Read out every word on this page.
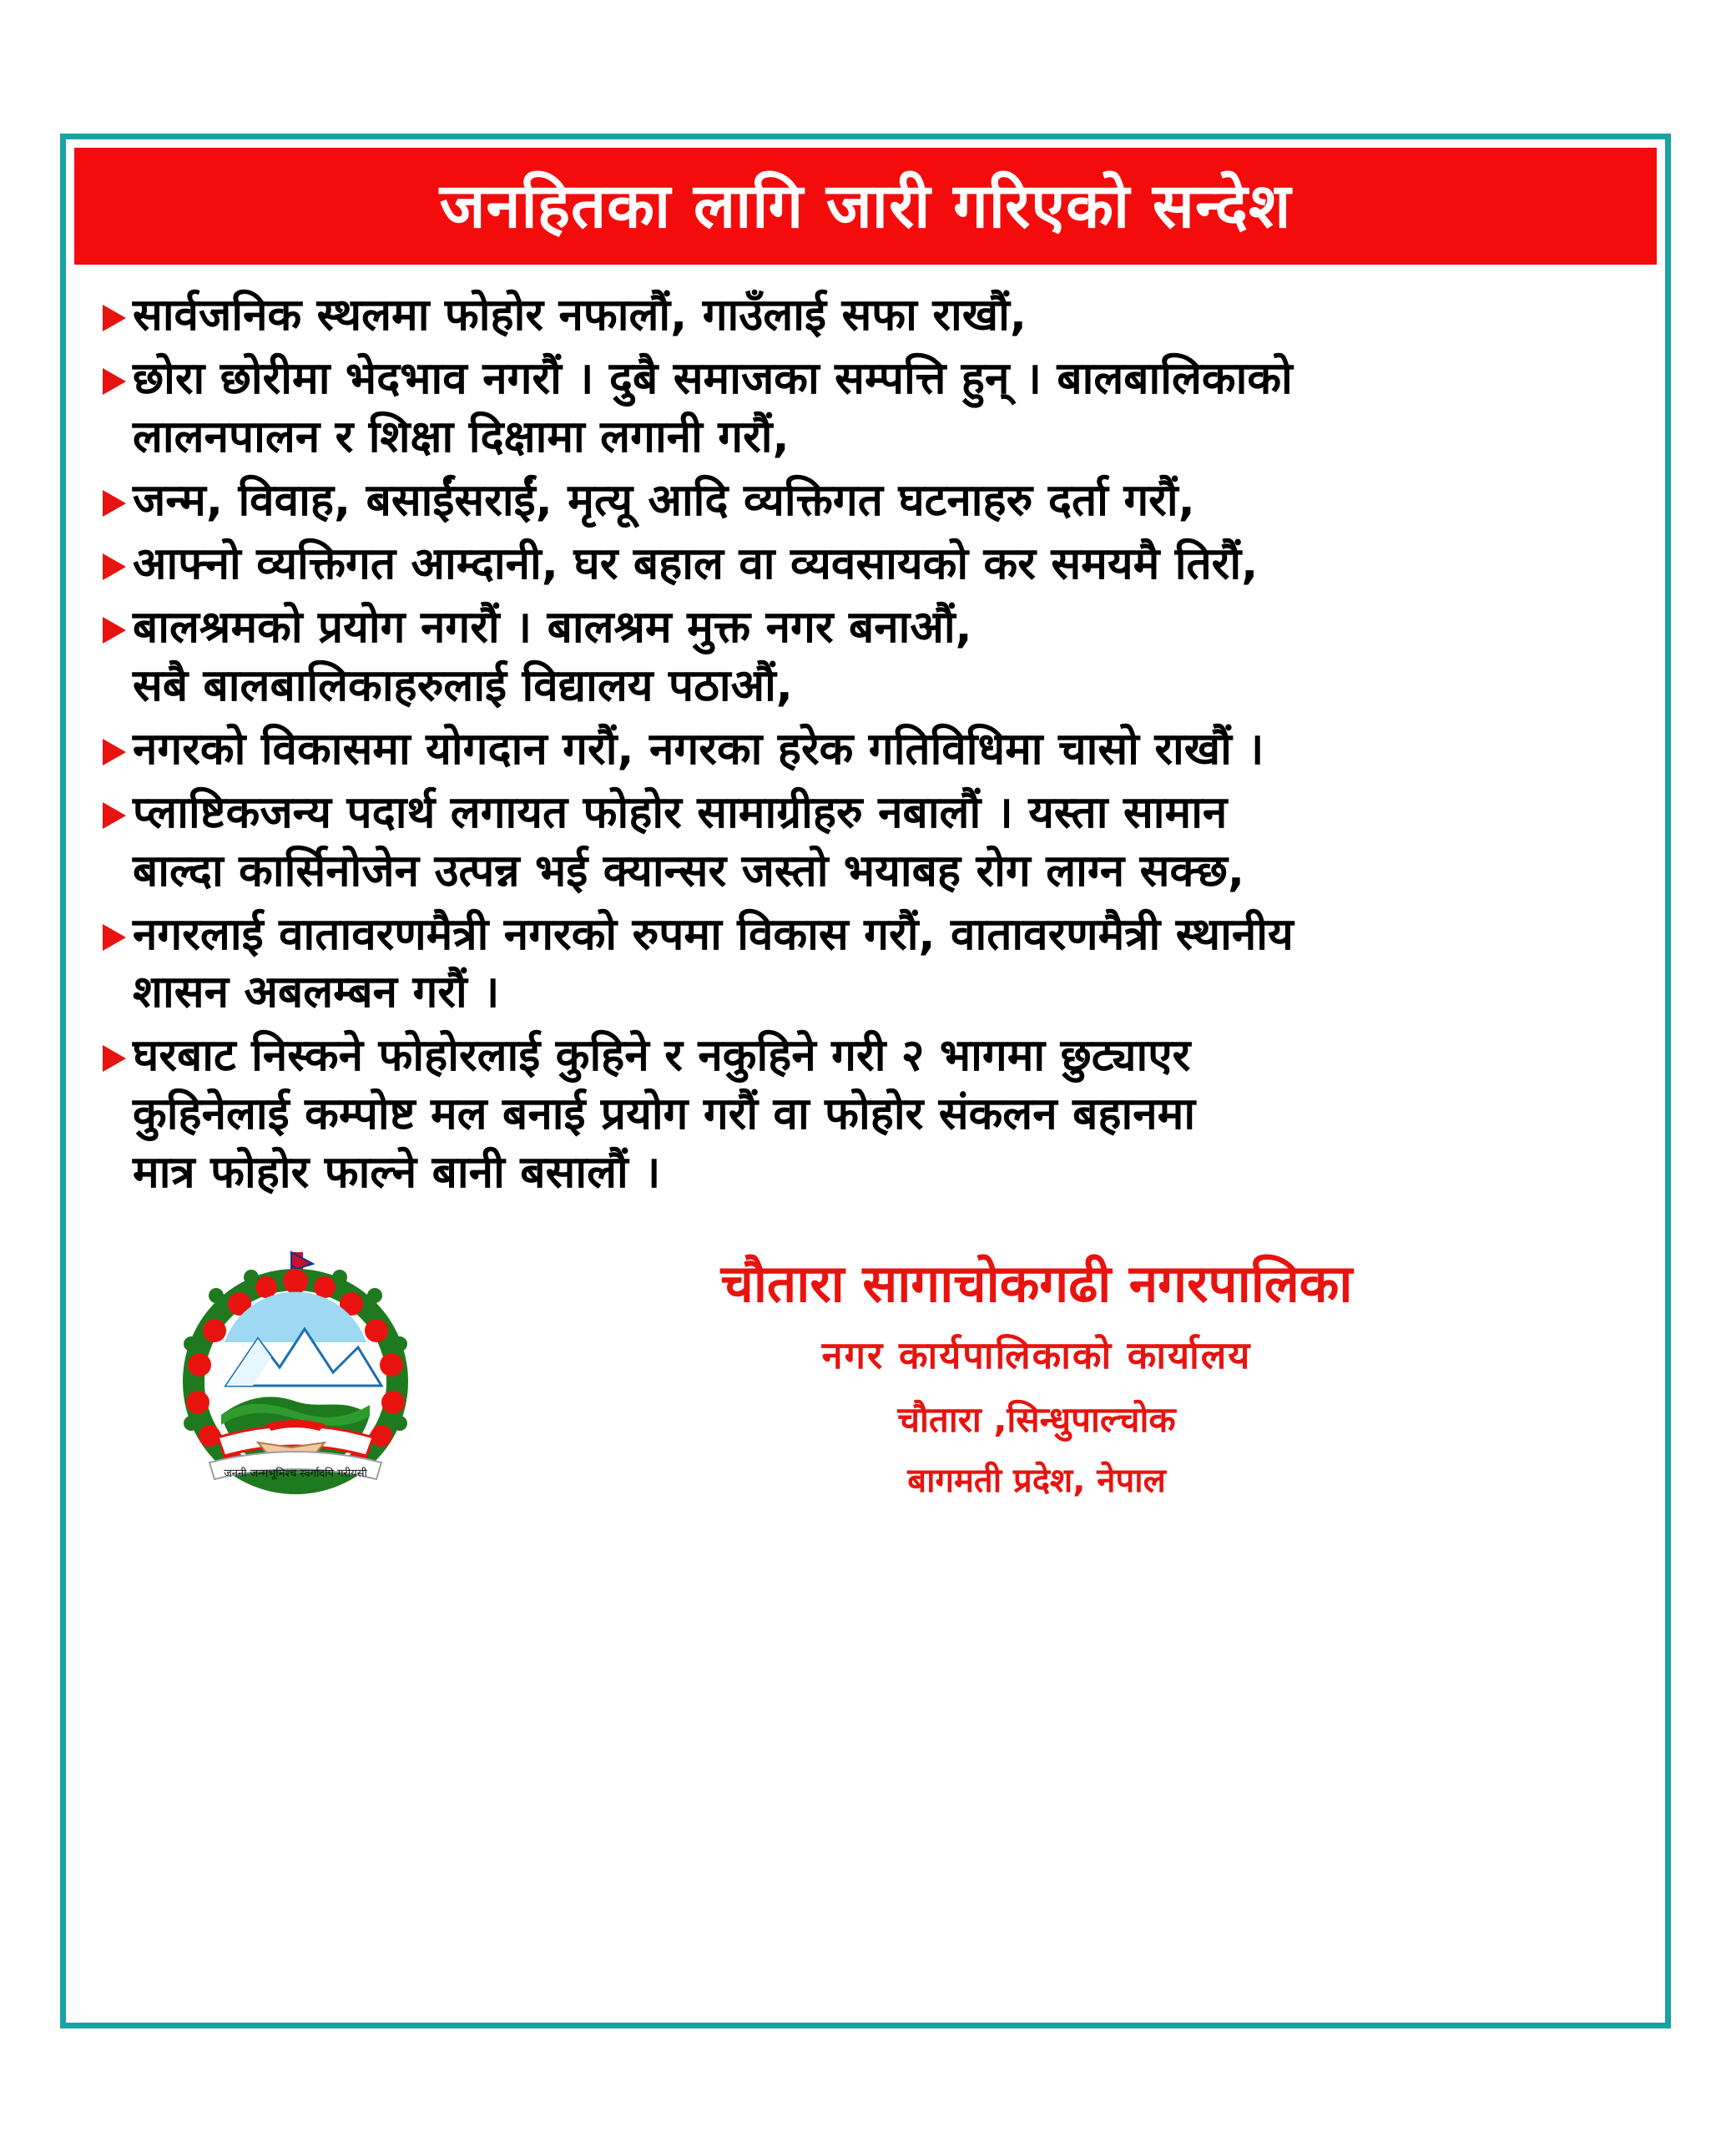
जनहितका लागि जारी गरिएको सन्देश
सार्वजनिक स्थलमा फोहोर नफालौं, गाउँलाई सफा राखौं,
छोरा छोरीमा भेदभाव नगरौं । दुबै समाजका सम्पत्ति हुन् । बालबालिकाको
लालनपालन र शिक्षा दिक्षामा लगानी गरौं,
जन्म, विवाह, बसाईंसराईं, मृत्यू आदि व्यक्तिगत घटनाहरु दर्ता गरौं,
आफ्नो व्यक्तिगत आम्दानी, घर बहाल वा व्यवसायको कर समयमै तिरौं,
बालश्रमको प्रयोग नगरौं । बालश्रम मुक्त नगर बनाऔं,
सबै बालबालिकाहरुलाई विद्यालय पठाऔं,
नगरको विकासमा योगदान गरौं, नगरका हरेक गतिविधिमा चासो राखौं ।
प्लाष्टिकजन्य पदार्थ लगायत फोहोर सामाग्रीहरु नबालौं । यस्ता सामान
बाल्दा कार्सिनोजेन उत्पन्न भई क्यान्सर जस्तो भयाबह रोग लाग्न सक्छ,
नगरलाई वातावरणमैत्री नगरको रुपमा विकास गरौं, वातावरणमैत्री स्थानीय
शासन अबलम्बन गरौं ।
घरबाट निस्कने फोहोरलाई कुहिने र नकुहिने गरी २ भागमा छुट्याएर
कुहिनेलाई कम्पोष्ट मल बनाई प्रयोग गरौं वा फोहोर संकलन बहानमा
मात्र फोहोर फाल्ने बानी बसालौं ।
जननी जन्मभूमिश्च स्वर्गादपि गरीयसी
चौतारा सागाचोकगढी नगरपालिका
नगर कार्यपालिकाको कार्यालय
चौतारा ,सिन्धुपाल्चोक
बागमती प्रदेश, नेपाल
